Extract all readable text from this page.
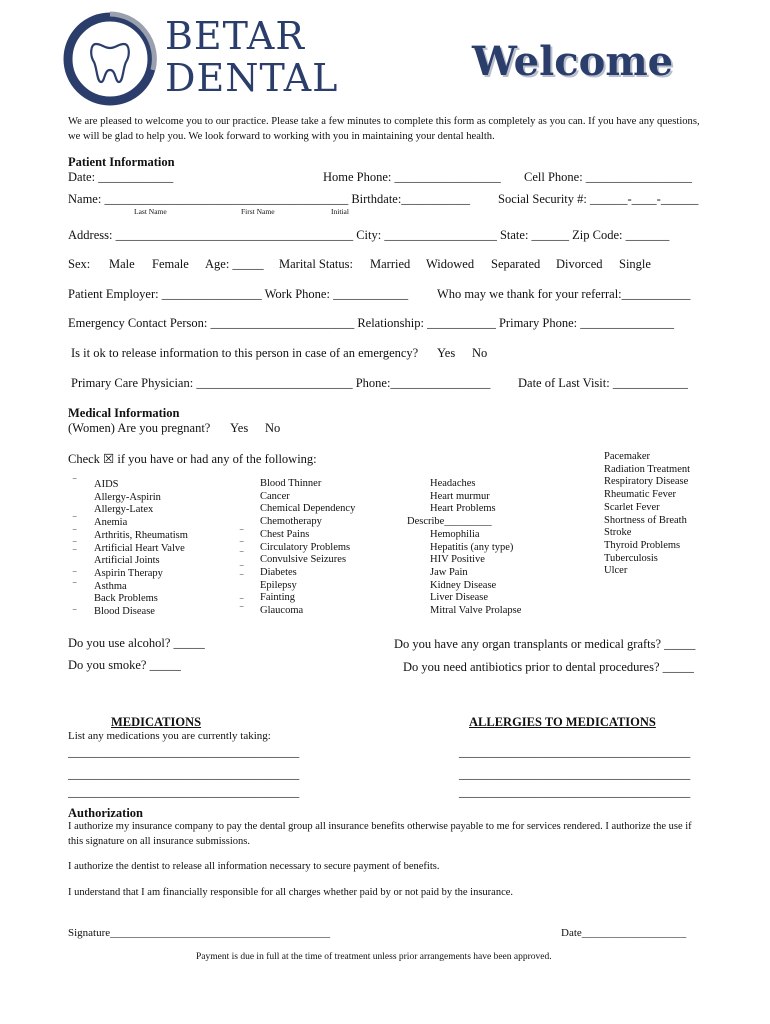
BETAR
DENTAL	Welcome
We are pleased to welcome you to our practice. Please take a few minutes to complete this form as completely as you can. If you have any questions, we will be glad to help you. We look forward to working with you in maintaining your dental health.
Patient Information
Date: ____________	Home Phone: _________________ Cell Phone: _________________
Name: _______________________________________ Birthdate:___________ Social Security #: ______-____-______
Last Name	First Name	Initial
Address: ______________________________________ City: __________________ State: ______ Zip Code: _______
Sex: Male Female Age: _____ Marital Status: Married Widowed Separated Divorced Single
Patient Employer: ________________ Work Phone: ____________ Who may we thank for your referral:___________
Emergency Contact Person: _______________________ Relationship: ___________ Primary Phone: _______________
Is it ok to release information to this person in case of an emergency? Yes No
Primary Care Physician: _________________________ Phone:________________ Date of Last Visit: ____________
Medical Information
(Women) Are you pregnant? Yes No
Check ☒ if you have or had any of the following:
AIDS
Allergy-Aspirin
Allergy-Latex
Anemia
Arthritis, Rheumatism
Artificial Heart Valve
Artificial Joints
Aspirin Therapy
Asthma
Back Problems
Blood Disease
Blood Thinner
Cancer
Chemical Dependency
Chemotherapy
Chest Pains
Circulatory Problems
Convulsive Seizures
Diabetes
Epilepsy
Fainting
Glaucoma
Headaches
Heart murmur
Heart Problems
Describe_________
Hemophilia
Hepatitis (any type)
HIV Positive
Jaw Pain
Kidney Disease
Liver Disease
Mitral Valve Prolapse
Pacemaker
Radiation Treatment
Respiratory Disease
Rheumatic Fever
Scarlet Fever
Shortness of Breath
Stroke
Thyroid Problems
Tuberculosis
Ulcer
‾
‾
‾
‾
‾
‾
‾
‾
‾
‾
‾
‾
‾
‾
‾
Do you use alcohol? _____	Do you have any organ transplants or medical grafts? _____
Do you smoke? _____	Do you need antibiotics prior to dental procedures? _____
MEDICATIONS	ALLERGIES TO MEDICATIONS
List any medications you are currently taking:
_____________________________________
_____________________________________
_____________________________________
_____________________________________
_____________________________________
_____________________________________
Authorization
I authorize my insurance company to pay the dental group all insurance benefits otherwise payable to me for services rendered. I authorize the use if this signature on all insurance submissions.
I authorize the dentist to release all information necessary to secure payment of benefits.
I understand that I am financially responsible for all charges whether paid by or not paid by the insurance.
Signature________________________________________	Date___________________
Payment is due in full at the time of treatment unless prior arrangements have been approved.
